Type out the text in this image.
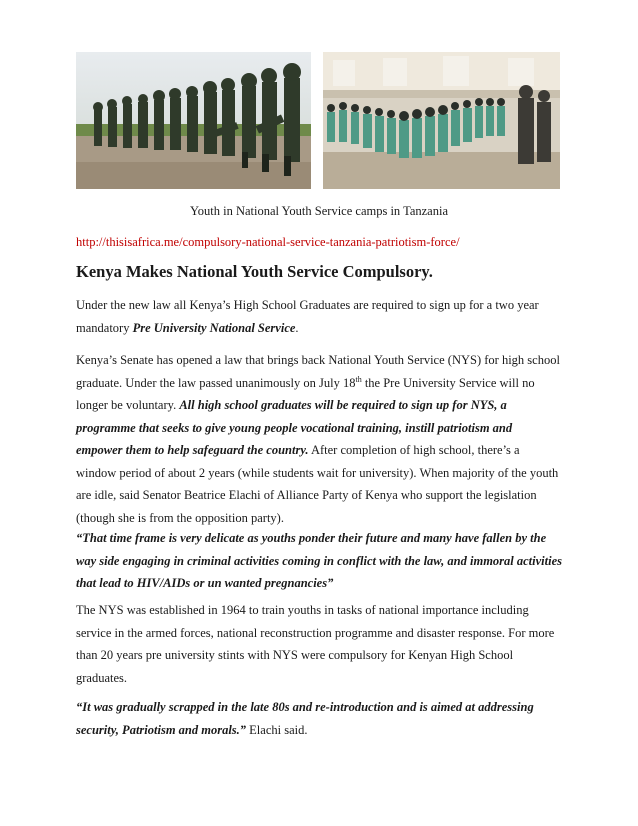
Youth in National Youth Service camps in Tanzania
http://thisisafrica.me/compulsory-national-service-tanzania-patriotism-force/
Kenya Makes National Youth Service Compulsory.

Under the new law all Kenya’s High School Graduates are required to sign up for a two year
mandatory Pre University National Service.

Kenya’s Senate has opened a law that brings back National Youth Service (NYS) for high school
graduate. Under the law passed unanimously on July 18th the Pre University Service will no
longer be voluntary. All high school graduates will be required to sign up for NYS, a
programme that seeks to give young people vocational training, instill patriotism and
empower them to help safeguard the country. After completion of high school, there’s a
window period of about 2 years (while students wait for university). When majority of the youth
are idle, said Senator Beatrice Elachi of Alliance Party of Kenya who support the legislation
(though she is from the opposition party).

“That time frame is very delicate as youths ponder their future and many have fallen by the
way side engaging in criminal activities coming in conflict with the law, and immoral activities
that lead to HIV/AIDs or un wanted pregnancies”

The NYS was established in 1964 to train youths in tasks of national importance including
service in the armed forces, national reconstruction programme and disaster response. For more
than 20 years pre university stints with NYS were compulsory for Kenyan High School
graduates.

“It was gradually scrapped in the late 80s and re-introduction and is aimed at addressing
security, Patriotism and morals.” Elachi said.
